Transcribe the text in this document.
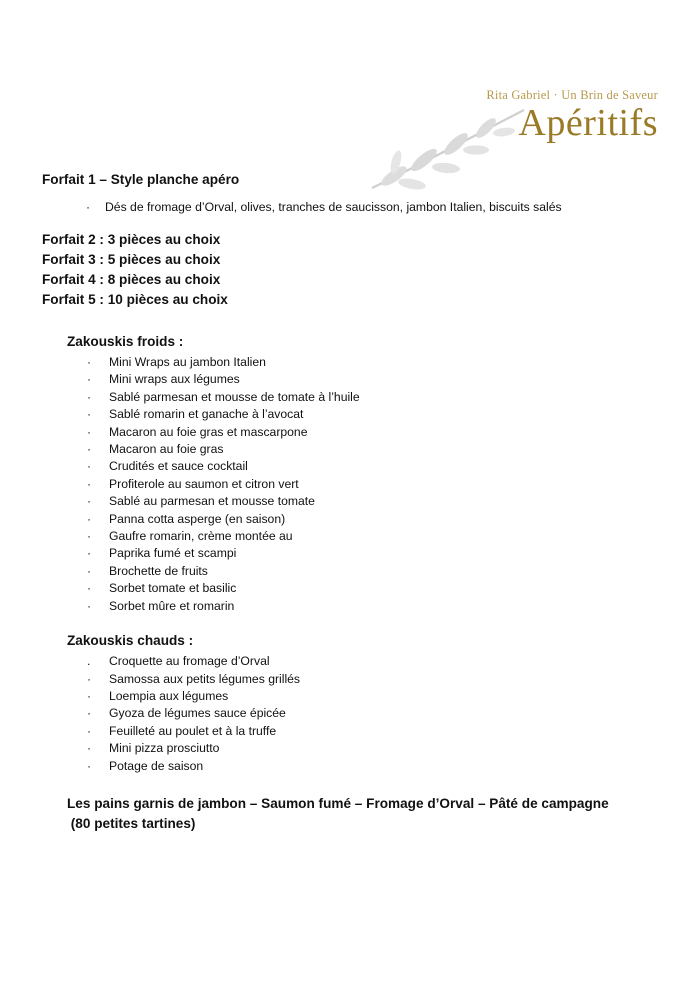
Rita Gabriel · Un Brin de Saveur
Apéritifs
Forfait 1 – Style planche apéro
· Dés de fromage d’Orval, olives, tranches de saucisson, jambon Italien, biscuits salés
Forfait 2 : 3 pièces au choix
Forfait 3 : 5 pièces au choix
Forfait 4 : 8 pièces au choix
Forfait 5 : 10 pièces au choix
Zakouskis froids :
· Mini Wraps au jambon Italien
· Mini wraps aux légumes
· Sablé parmesan et mousse de tomate à l’huile
· Sablé romarin et ganache à l’avocat
· Macaron au foie gras et mascarpone
· Macaron au foie gras
· Crudités et sauce cocktail
· Profiterole au saumon et citron vert
· Sablé au parmesan et mousse tomate
· Panna cotta asperge (en saison)
· Gaufre romarin, crème montée au
· Paprika fumé et scampi
· Brochette de fruits
· Sorbet tomate et basilic
· Sorbet mûre et romarin
Zakouskis chauds :
. Croquette au fromage d’Orval
· Samossa aux petits légumes grillés
· Loempia aux légumes
· Gyoza de légumes sauce épicée
· Feuilleté au poulet et à la truffe
· Mini pizza prosciutto
· Potage de saison
Les pains garnis de jambon – Saumon fumé – Fromage d’Orval – Pâté de campagne
(80 petites tartines)
